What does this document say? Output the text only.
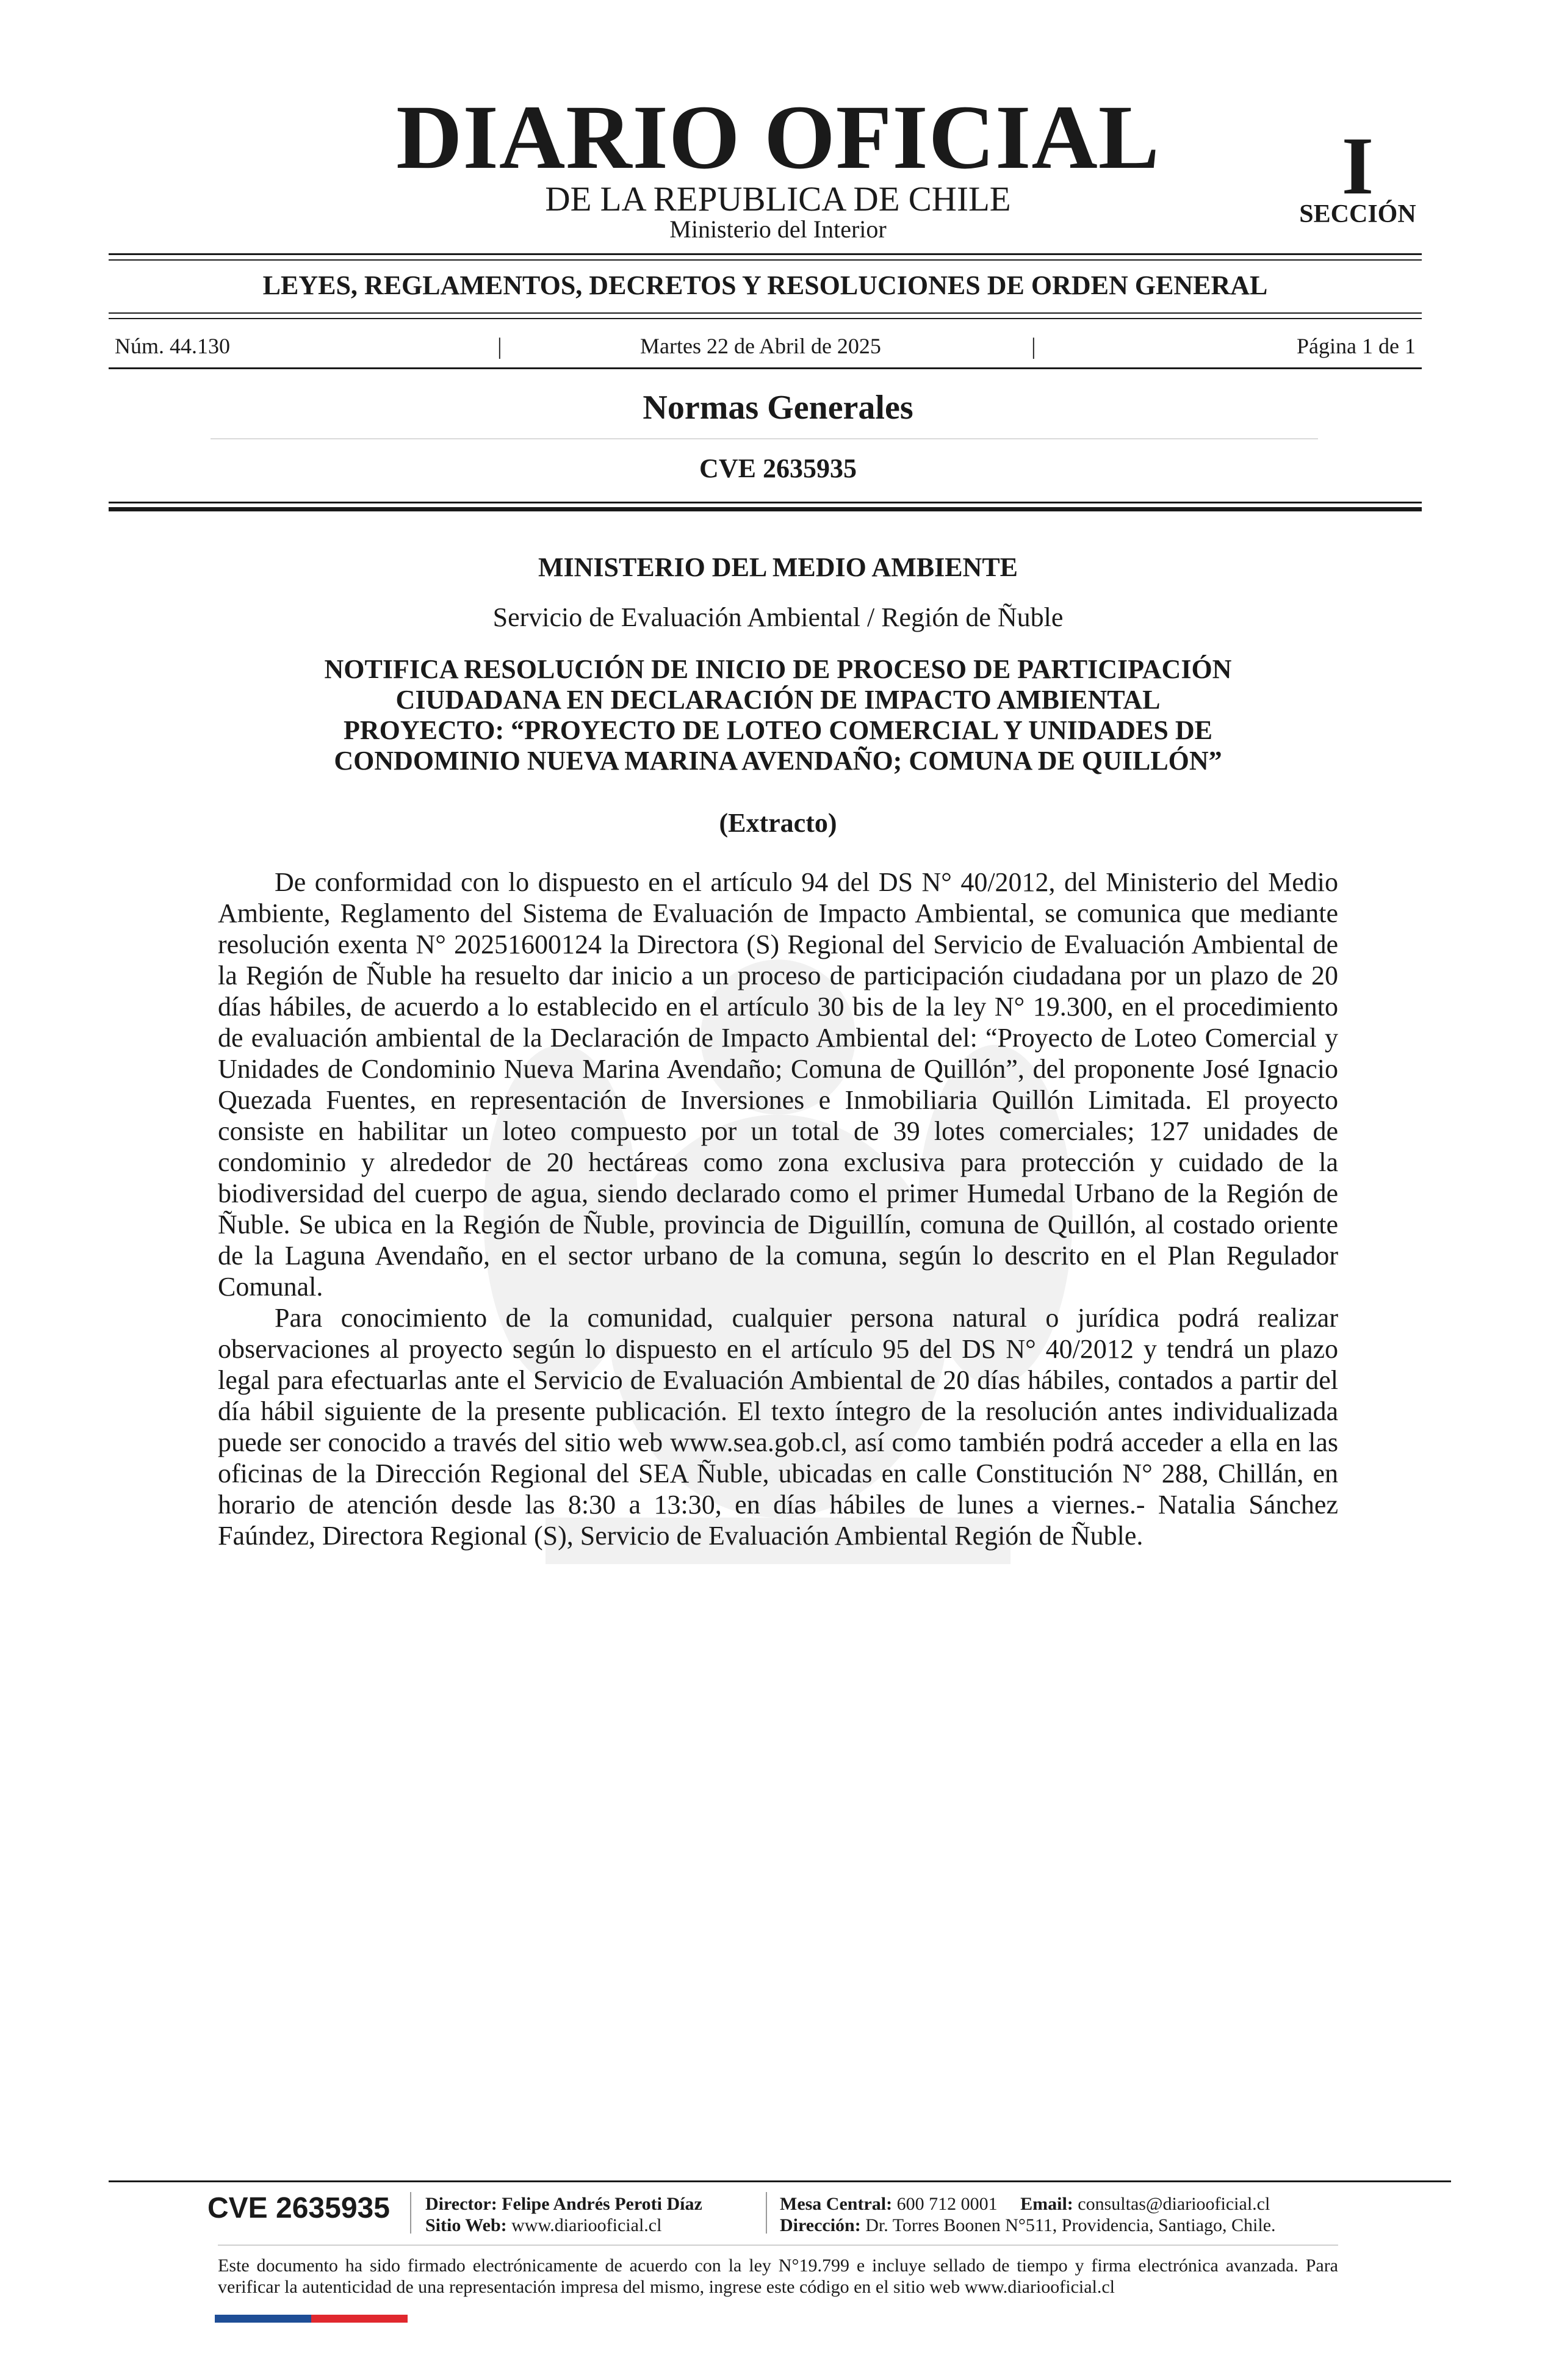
DIARIO OFICIAL
DE LA REPUBLICA DE CHILE
Ministerio del Interior
I
SECCIÓN
LEYES, REGLAMENTOS, DECRETOS Y RESOLUCIONES DE ORDEN GENERAL
Núm. 44.130	|	Martes 22 de Abril de 2025	|	Página 1 de 1
Normas Generales
CVE 2635935
MINISTERIO DEL MEDIO AMBIENTE
Servicio de Evaluación Ambiental / Región de Ñuble
NOTIFICA RESOLUCIÓN DE INICIO DE PROCESO DE PARTICIPACIÓN
CIUDADANA EN DECLARACIÓN DE IMPACTO AMBIENTAL
PROYECTO: “PROYECTO DE LOTEO COMERCIAL Y UNIDADES DE
CONDOMINIO NUEVA MARINA AVENDAÑO; COMUNA DE QUILLÓN”
(Extracto)

De conformidad con lo dispuesto en el artículo 94 del DS N° 40/2012, del Ministerio del Medio Ambiente, Reglamento del Sistema de Evaluación de Impacto Ambiental, se comunica que mediante resolución exenta N° 20251600124 la Directora (S) Regional del Servicio de Evaluación Ambiental de la Región de Ñuble ha resuelto dar inicio a un proceso de participación ciudadana por un plazo de 20 días hábiles, de acuerdo a lo establecido en el artículo 30 bis de la ley N° 19.300, en el procedimiento de evaluación ambiental de la Declaración de Impacto Ambiental del: “Proyecto de Loteo Comercial y Unidades de Condominio Nueva Marina Avendaño; Comuna de Quillón”, del proponente José Ignacio Quezada Fuentes, en representación de Inversiones e Inmobiliaria Quillón Limitada. El proyecto consiste en habilitar un loteo compuesto por un total de 39 lotes comerciales; 127 unidades de condominio y alrededor de 20 hectáreas como zona exclusiva para protección y cuidado de la biodiversidad del cuerpo de agua, siendo declarado como el primer Humedal Urbano de la Región de Ñuble. Se ubica en la Región de Ñuble, provincia de Diguillín, comuna de Quillón, al costado oriente de la Laguna Avendaño, en el sector urbano de la comuna, según lo descrito en el Plan Regulador Comunal.

Para conocimiento de la comunidad, cualquier persona natural o jurídica podrá realizar observaciones al proyecto según lo dispuesto en el artículo 95 del DS N° 40/2012 y tendrá un plazo legal para efectuarlas ante el Servicio de Evaluación Ambiental de 20 días hábiles, contados a partir del día hábil siguiente de la presente publicación. El texto íntegro de la resolución antes individualizada puede ser conocido a través del sitio web www.sea.gob.cl, así como también podrá acceder a ella en las oficinas de la Dirección Regional del SEA Ñuble, ubicadas en calle Constitución N° 288, Chillán, en horario de atención desde las 8:30 a 13:30, en días hábiles de lunes a viernes.- Natalia Sánchez Faúndez, Directora Regional (S), Servicio de Evaluación Ambiental Región de Ñuble.

CVE 2635935 Director: Felipe Andrés Peroti Díaz
Sitio Web: www.diariooficial.cl
Mesa Central: 600 712 0001 Email: consultas@diariooficial.cl
Dirección: Dr. Torres Boonen N°511, Providencia, Santiago, Chile.
Este documento ha sido firmado electrónicamente de acuerdo con la ley N°19.799 e incluye sellado de tiempo y firma electrónica avanzada. Para verificar la autenticidad de una representación impresa del mismo, ingrese este código en el sitio web www.diariooficial.cl
